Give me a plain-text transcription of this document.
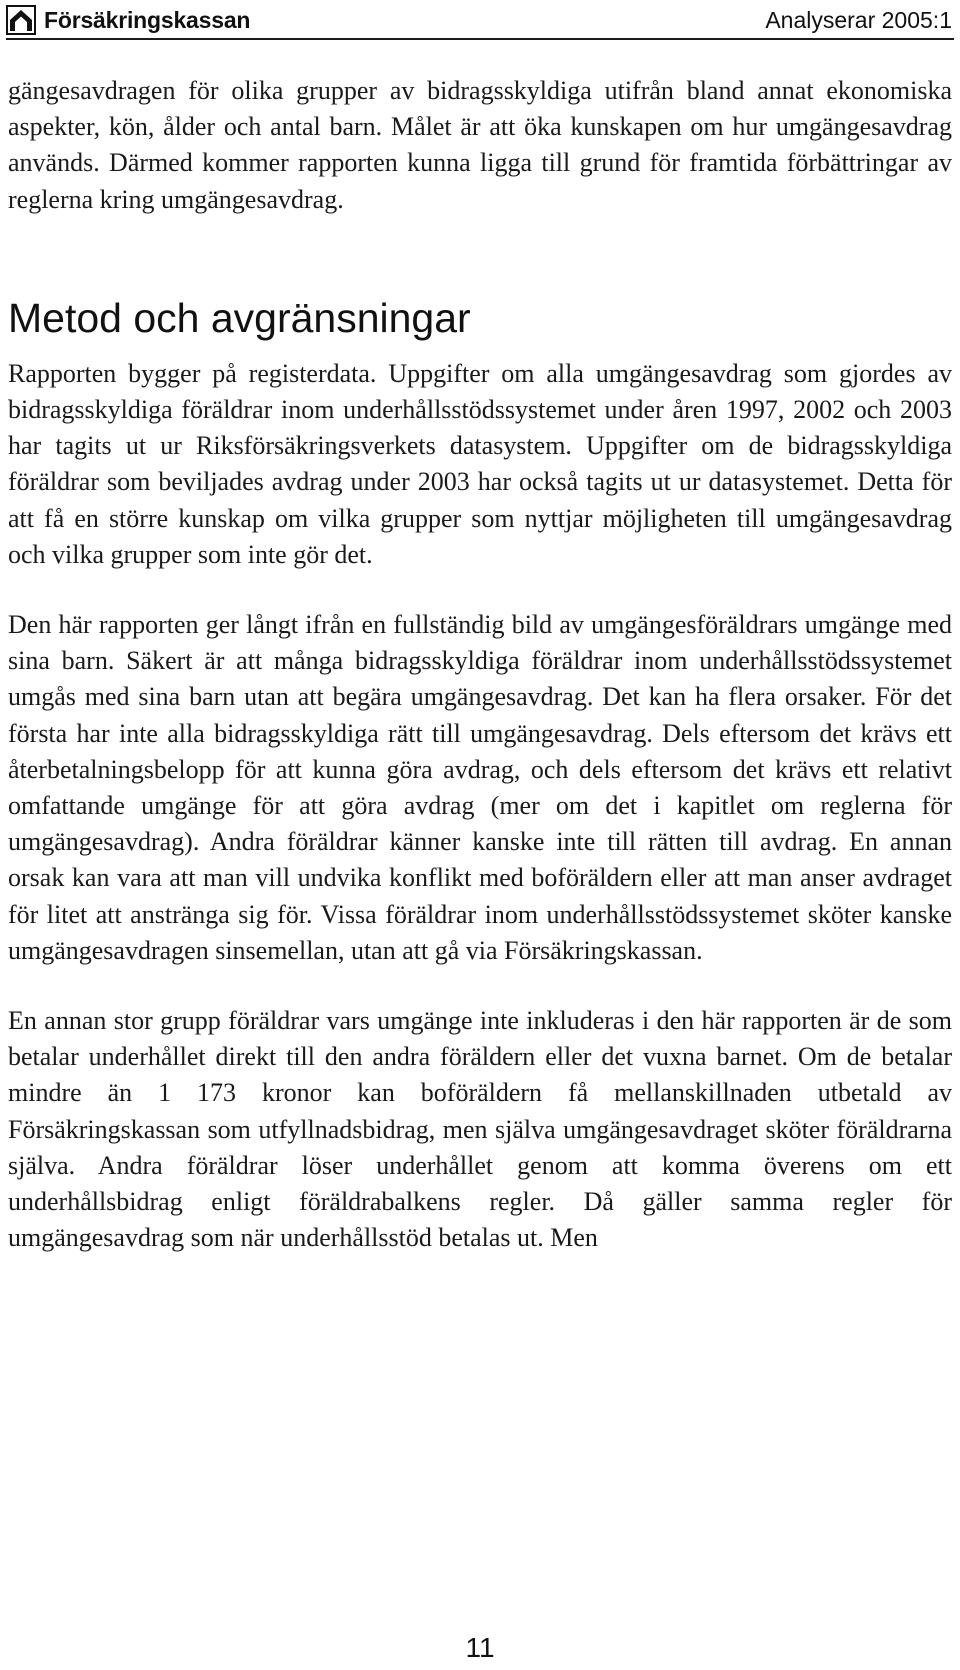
Försäkringskassan	Analyserar 2005:1

gängesavdragen för olika grupper av bidragsskyldiga utifrån bland annat ekonomiska aspekter, kön, ålder och antal barn. Målet är att öka kunskapen om hur umgängesavdrag används. Därmed kommer rapporten kunna ligga till grund för framtida förbättringar av reglerna kring umgängesavdrag.

Metod och avgränsningar

Rapporten bygger på registerdata. Uppgifter om alla umgängesavdrag som gjordes av bidragsskyldiga föräldrar inom underhållsstödssystemet under åren 1997, 2002 och 2003 har tagits ut ur Riksförsäkringsverkets datasystem. Uppgifter om de bidragsskyldiga föräldrar som beviljades avdrag under 2003 har också tagits ut ur datasystemet. Detta för att få en större kunskap om vilka grupper som nyttjar möjligheten till umgängesavdrag och vilka grupper som inte gör det.

Den här rapporten ger långt ifrån en fullständig bild av umgängesföräldrars umgänge med sina barn. Säkert är att många bidragsskyldiga föräldrar inom underhållsstödssystemet umgås med sina barn utan att begära umgängesavdrag. Det kan ha flera orsaker. För det första har inte alla bidragsskyldiga rätt till umgängesavdrag. Dels eftersom det krävs ett återbetalningsbelopp för att kunna göra avdrag, och dels eftersom det krävs ett relativt omfattande umgänge för att göra avdrag (mer om det i kapitlet om reglerna för umgängesavdrag). Andra föräldrar känner kanske inte till rätten till avdrag. En annan orsak kan vara att man vill undvika konflikt med boföräldern eller att man anser avdraget för litet att anstränga sig för. Vissa föräldrar inom underhållsstödssystemet sköter kanske umgängesavdragen sinsemellan, utan att gå via Försäkringskassan.

En annan stor grupp föräldrar vars umgänge inte inkluderas i den här rapporten är de som betalar underhållet direkt till den andra föräldern eller det vuxna barnet. Om de betalar mindre än 1 173 kronor kan boföräldern få mellanskillnaden utbetald av Försäkringskassan som utfyllnadsbidrag, men själva umgängesavdraget sköter föräldrarna själva. Andra föräldrar löser underhållet genom att komma överens om ett underhållsbidrag enligt föräldrabalkens regler. Då gäller samma regler för umgängesavdrag som när underhållsstöd betalas ut. Men

11
